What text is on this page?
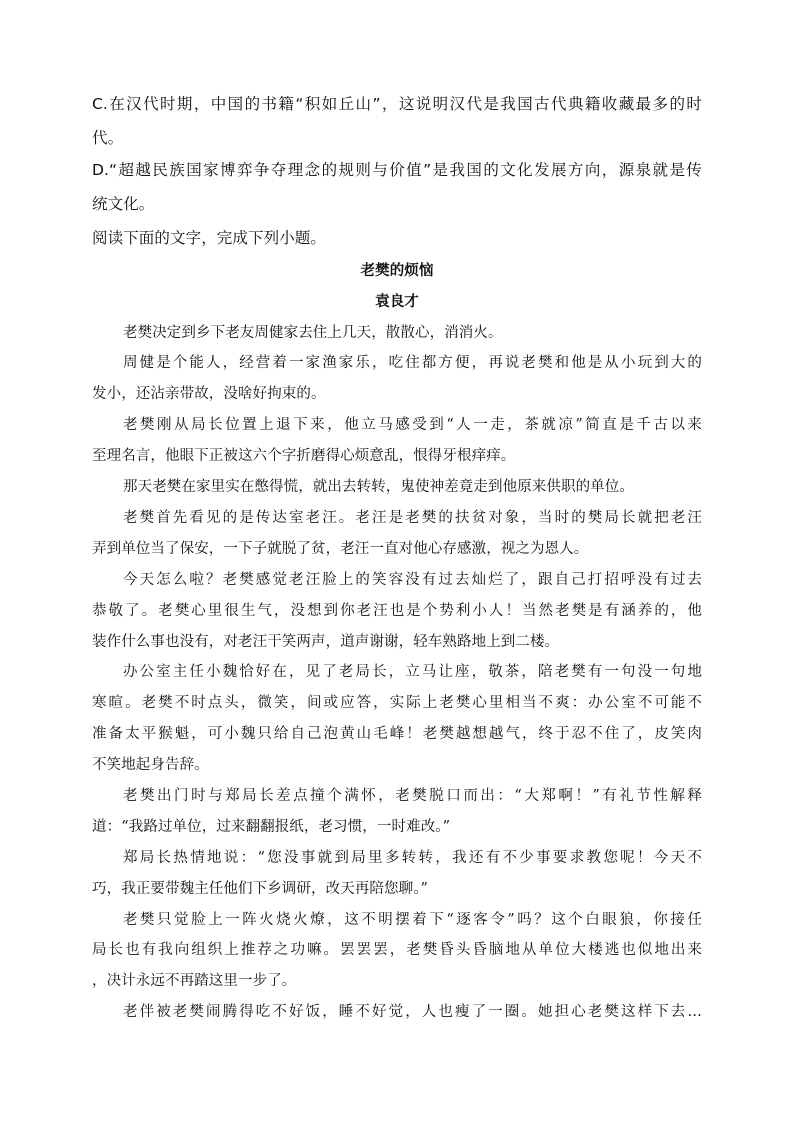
C.在汉代时期，中国的书籍“积如丘山”，这说明汉代是我国古代典籍收藏最多的时
代。
D.“超越民族国家博弈争夺理念的规则与价值”是我国的文化发展方向，源泉就是传
统文化。
阅读下面的文字，完成下列小题。
老樊的烦恼
袁良才
老樊决定到乡下老友周健家去住上几天，散散心，消消火。
周健是个能人，经营着一家渔家乐，吃住都方便，再说老樊和他是从小玩到大的
发小，还沾亲带故，没啥好拘束的。
老樊刚从局长位置上退下来，他立马感受到“人一走，茶就凉”简直是千古以来
至理名言，他眼下正被这六个字折磨得心烦意乱，恨得牙根痒痒。
那天老樊在家里实在憋得慌，就出去转转，鬼使神差竟走到他原来供职的单位。
老樊首先看见的是传达室老汪。老汪是老樊的扶贫对象，当时的樊局长就把老汪
弄到单位当了保安，一下子就脱了贫，老汪一直对他心存感激，视之为恩人。
今天怎么啦？老樊感觉老汪脸上的笑容没有过去灿烂了，跟自己打招呼没有过去
恭敬了。老樊心里很生气，没想到你老汪也是个势利小人！当然老樊是有涵养的，他
装作什么事也没有，对老汪干笑两声，道声谢谢，轻车熟路地上到二楼。
办公室主任小魏恰好在，见了老局长，立马让座，敬茶，陪老樊有一句没一句地
寒暄。老樊不时点头，微笑，间或应答，实际上老樊心里相当不爽：办公室不可能不
准备太平猴魁，可小魏只给自己泡黄山毛峰！老樊越想越气，终于忍不住了，皮笑肉
不笑地起身告辞。
老樊出门时与郑局长差点撞个满怀，老樊脱口而出：“大郑啊！”有礼节性解释
道：“我路过单位，过来翻翻报纸，老习惯，一时难改。”
郑局长热情地说：“您没事就到局里多转转，我还有不少事要求教您呢！今天不
巧，我正要带魏主任他们下乡调研，改天再陪您聊。”
老樊只觉脸上一阵火烧火燎，这不明摆着下“逐客令”吗？这个白眼狼，你接任
局长也有我向组织上推荐之功嘛。罢罢罢，老樊昏头昏脑地从单位大楼逃也似地出来
，决计永远不再踏这里一步了。
老伴被老樊闹腾得吃不好饭，睡不好觉，人也瘦了一圈。她担心老樊这样下去…
